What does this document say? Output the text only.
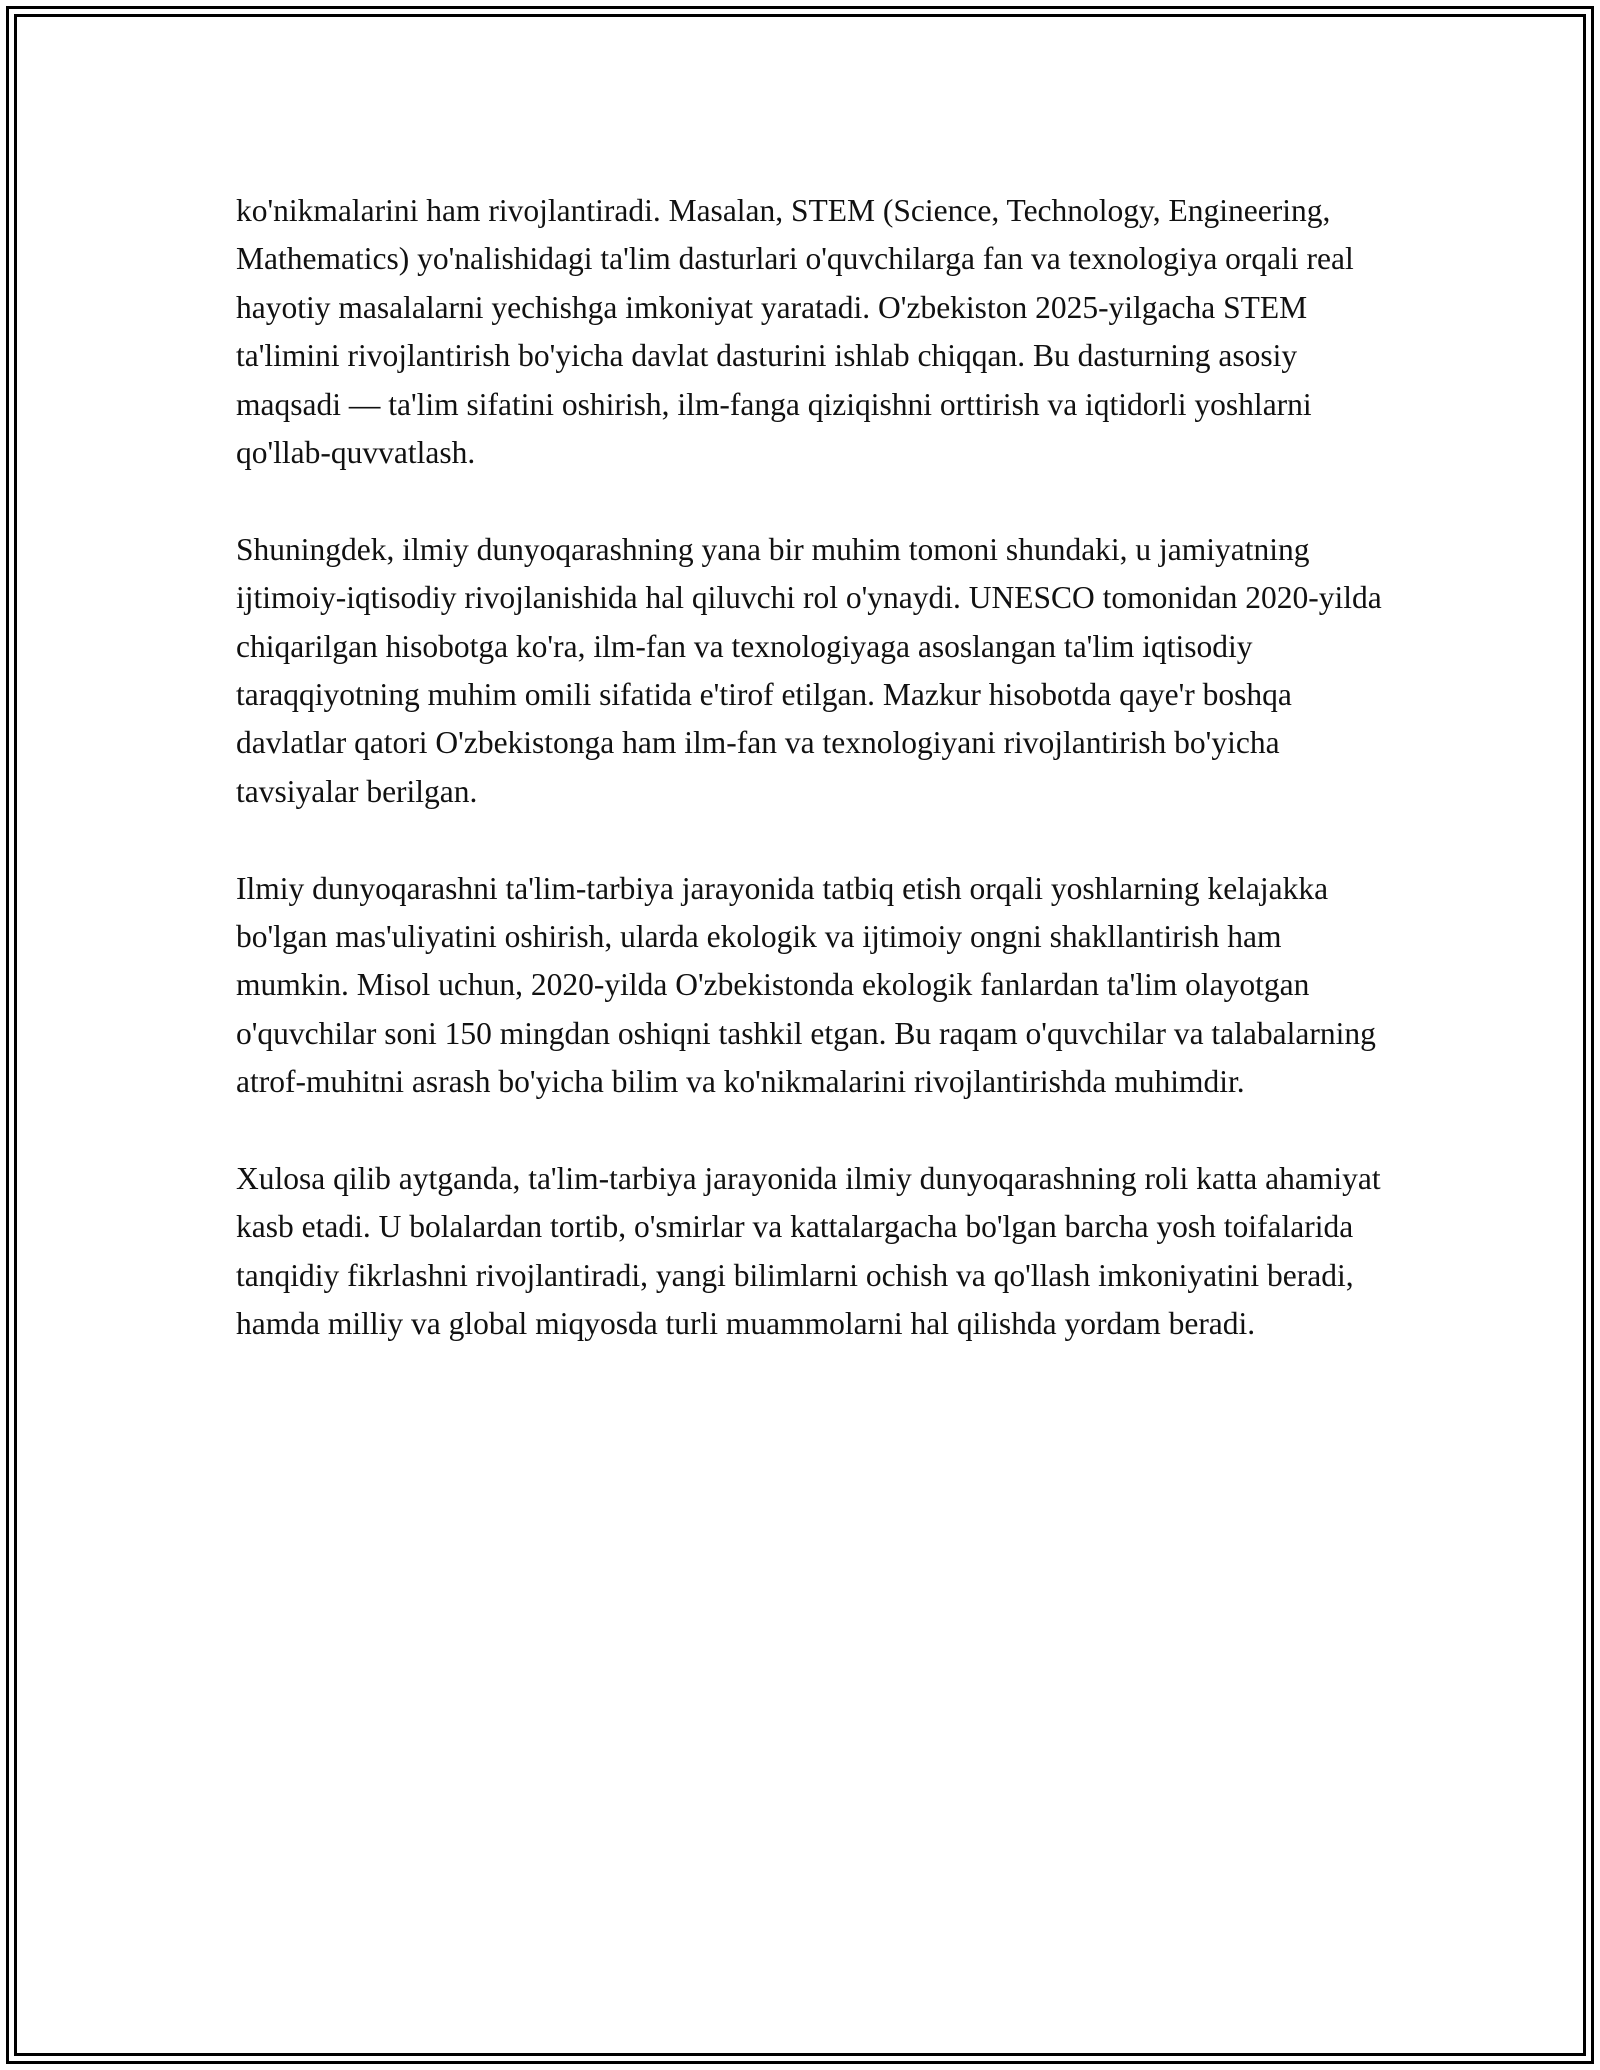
ko'nikmalarini ham rivojlantiradi. Masalan, STEM (Science, Technology, Engineering, Mathematics) yo'nalishidagi ta'lim dasturlari o'quvchilarga fan va texnologiya orqali real hayotiy masalalarni yechishga imkoniyat yaratadi. O'zbekiston 2025-yilgacha STEM ta'limini rivojlantirish bo'yicha davlat dasturini ishlab chiqqan. Bu dasturning asosiy maqsadi — ta'lim sifatini oshirish, ilm-fanga qiziqishni orttirish va iqtidorli yoshlarni qo'llab-quvvatlash.

Shuningdek, ilmiy dunyoqarashning yana bir muhim tomoni shundaki, u jamiyatning ijtimoiy-iqtisodiy rivojlanishida hal qiluvchi rol o'ynaydi. UNESCO tomonidan 2020-yilda chiqarilgan hisobotga ko'ra, ilm-fan va texnologiyaga asoslangan ta'lim iqtisodiy taraqqiyotning muhim omili sifatida e'tirof etilgan. Mazkur hisobotda qaye'r boshqa davlatlar qatori O'zbekistonga ham ilm-fan va texnologiyani rivojlantirish bo'yicha tavsiyalar berilgan.

Ilmiy dunyoqarashni ta'lim-tarbiya jarayonida tatbiq etish orqali yoshlarning kelajakka bo'lgan mas'uliyatini oshirish, ularda ekologik va ijtimoiy ongni shakllantirish ham mumkin. Misol uchun, 2020-yilda O'zbekistonda ekologik fanlardan ta'lim olayotgan o'quvchilar soni 150 mingdan oshiqni tashkil etgan. Bu raqam o'quvchilar va talabalarning atrof-muhitni asrash bo'yicha bilim va ko'nikmalarini rivojlantirishda muhimdir.

Xulosa qilib aytganda, ta'lim-tarbiya jarayonida ilmiy dunyoqarashning roli katta ahamiyat kasb etadi. U bolalardan tortib, o'smirlar va kattalargacha bo'lgan barcha yosh toifalarida tanqidiy fikrlashni rivojlantiradi, yangi bilimlarni ochish va qo'llash imkoniyatini beradi, hamda milliy va global miqyosda turli muammolarni hal qilishda yordam beradi.
